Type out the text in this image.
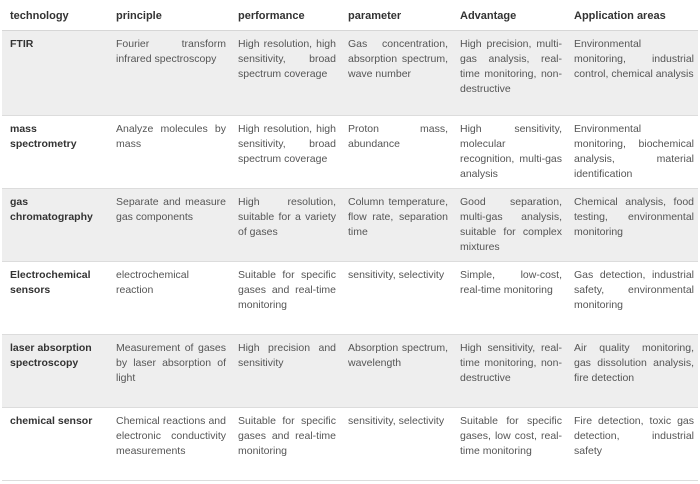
technology	principle	performance	parameter	Advantage	Application areas
FTIR	Fourier transform infrared spectroscopy	High resolution, high sensitivity, broad spectrum coverage	Gas concentration, absorption spectrum, wave number	High precision, multi-gas analysis, real-time monitoring, non-destructive	Environmental monitoring, industrial control, chemical analysis
mass spectrometry	Analyze molecules by mass	High resolution, high sensitivity, broad spectrum coverage	Proton mass, abundance	High sensitivity, molecular recognition, multi-gas analysis	Environmental monitoring, biochemical analysis, material identification
gas chromatography	Separate and measure gas components	High resolution, suitable for a variety of gases	Column temperature, flow rate, separation time	Good separation, multi-gas analysis, suitable for complex mixtures	Chemical analysis, food testing, environmental monitoring
Electrochemical sensors	electrochemical reaction	Suitable for specific gases and real-time monitoring	sensitivity, selectivity	Simple, low-cost, real-time monitoring	Gas detection, industrial safety, environmental monitoring
laser absorption spectroscopy	Measurement of gases by laser absorption of light	High precision and sensitivity	Absorption spectrum, wavelength	High sensitivity, real-time monitoring, non-destructive	Air quality monitoring, gas dissolution analysis, fire detection
chemical sensor	Chemical reactions and electronic conductivity measurements	Suitable for specific gases and real-time monitoring	sensitivity, selectivity	Suitable for specific gases, low cost, real-time monitoring	Fire detection, toxic gas detection, industrial safety
